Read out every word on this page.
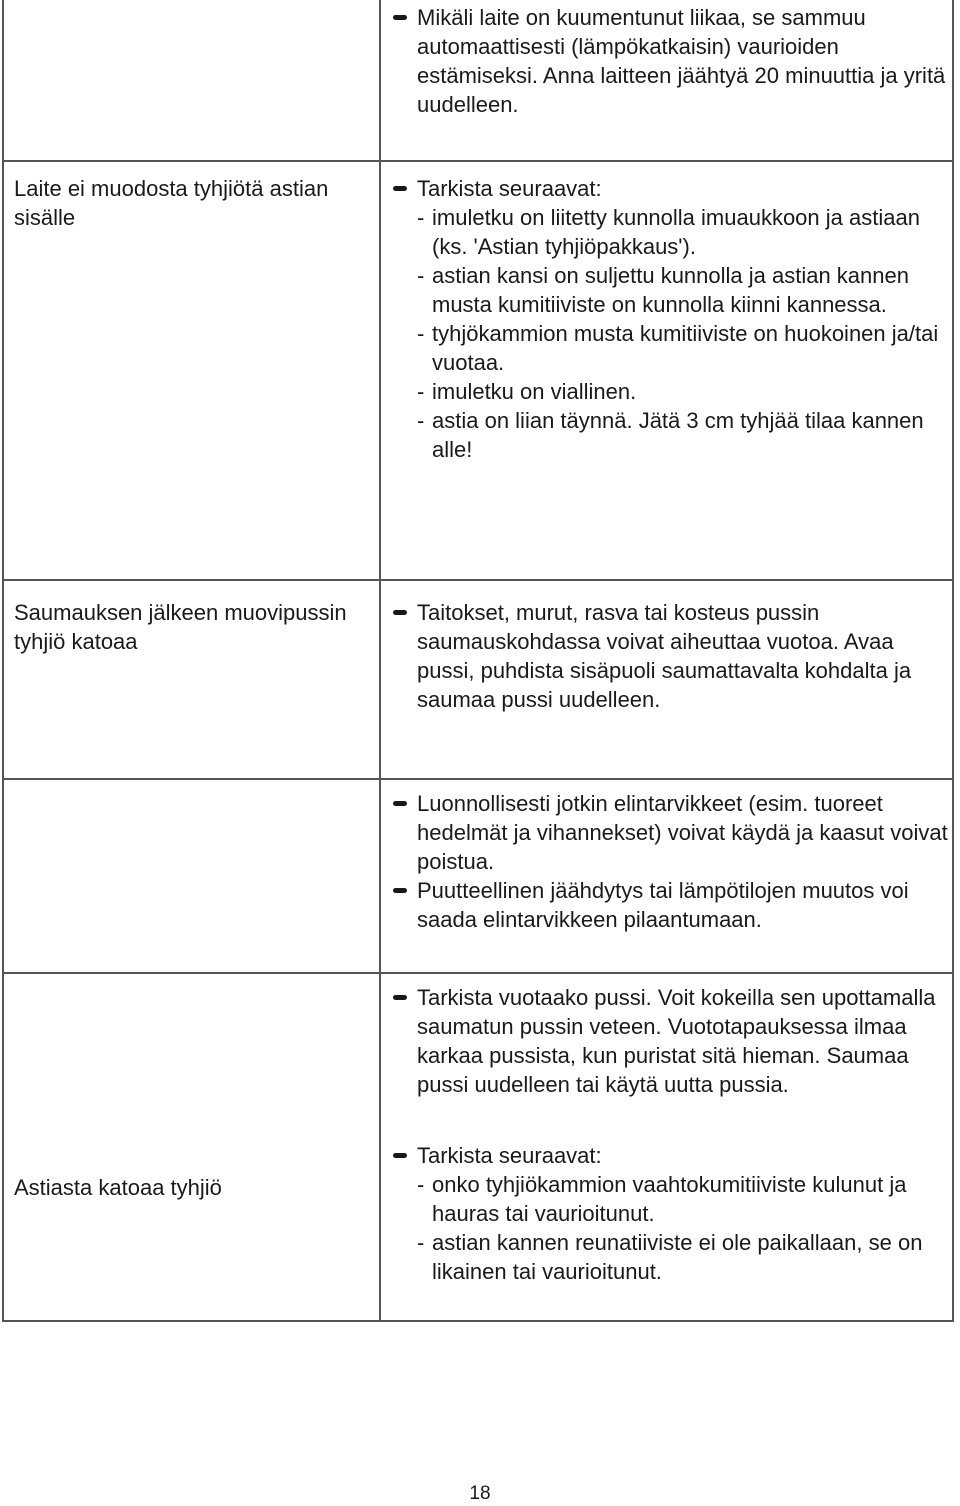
Mikäli laite on kuumentunut liikaa, se sammuu automaattisesti (lämpökatkaisin) vaurioiden estämiseksi. Anna laitteen jäähtyä 20 minuuttia ja yritä uudelleen.
Laite ei muodosta tyhjiötä astian sisälle
Tarkista seuraavat:
- imuletku on liitetty kunnolla imuaukkoon ja astiaan (ks. 'Astian tyhjiöpakkaus').
- astian kansi on suljettu kunnolla ja astian kannen musta kumitiiviste on kunnolla kiinni kannessa.
- tyhjökammion musta kumitiiviste on huokoinen ja/tai vuotaa.
- imuletku on viallinen.
- astia on liian täynnä. Jätä 3 cm tyhjää tilaa kannen alle!
Saumauksen jälkeen muovipussin tyhjiö katoaa
Taitokset, murut, rasva tai kosteus pussin saumauskohdassa voivat aiheuttaa vuotoa. Avaa pussi, puhdista sisäpuoli saumattavalta kohdalta ja saumaa pussi uudelleen.
Luonnollisesti jotkin elintarvikkeet (esim. tuoreet hedelmät ja vihannekset) voivat käydä ja kaasut voivat poistua.
Puutteellinen jäähdytys tai lämpötilojen muutos voi saada elintarvikkeen pilaantumaan.
Astiasta katoaa tyhjiö
Tarkista vuotaako pussi. Voit kokeilla sen upottamalla saumatun pussin veteen. Vuototapauksessa ilmaa karkaa pussista, kun puristat sitä hieman. Saumaa pussi uudelleen tai käytä uutta pussia.
Tarkista seuraavat:
- onko tyhjiökammion vaahtokumitiiviste kulunut ja hauras tai vaurioitunut.
- astian kannen reunatiiviste ei ole paikallaan, se on likainen tai vaurioitunut.
18
